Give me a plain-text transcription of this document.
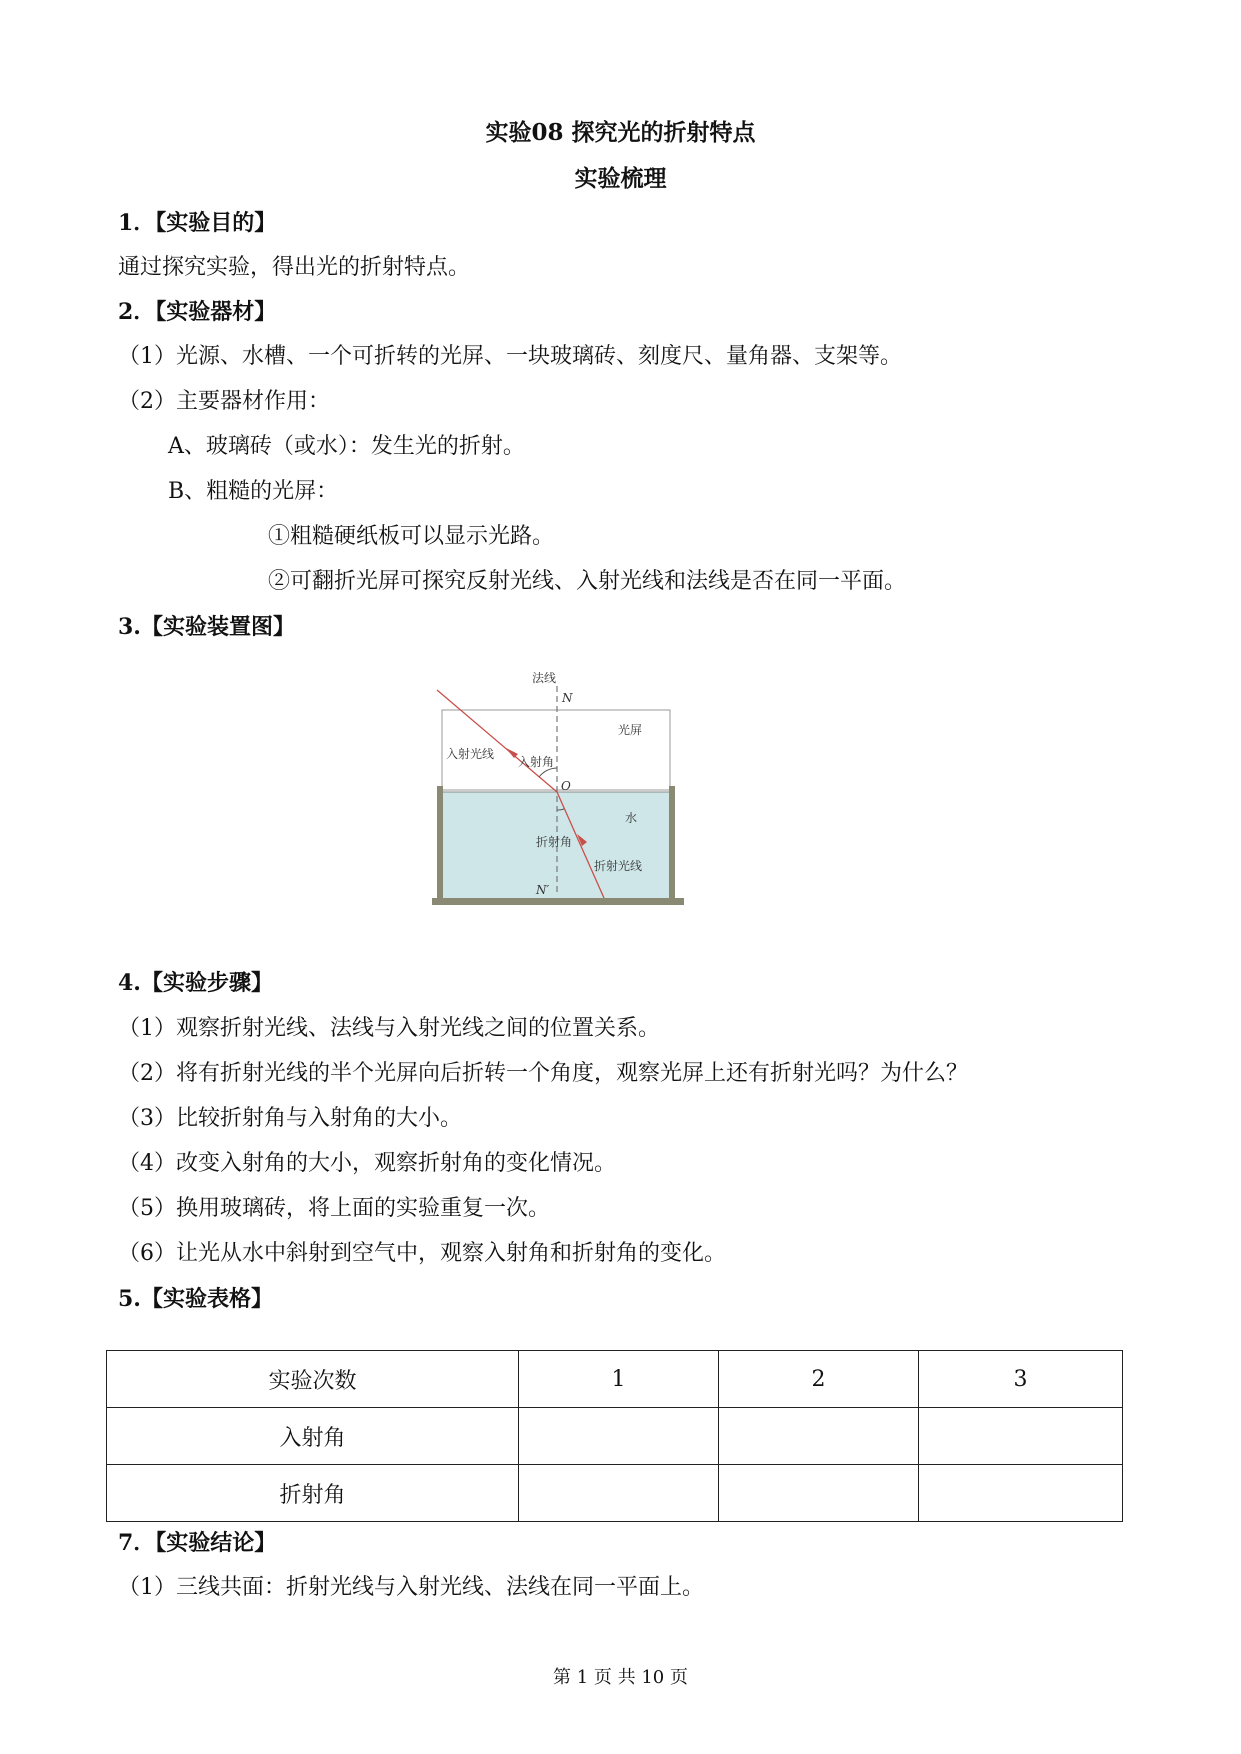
实验08 探究光的折射特点
实验梳理
1．【实验目的】
通过探究实验，得出光的折射特点。
2．【实验器材】
（1）光源、水槽、一个可折转的光屏、一块玻璃砖、刻度尺、量角器、支架等。
（2）主要器材作用：
A、玻璃砖（或水）：发生光的折射。
B、粗糙的光屏：
①粗糙硬纸板可以显示光路。
②可翻折光屏可探究反射光线、入射光线和法线是否在同一平面。
3.【实验装置图】
法线
N
光屏
入射光线
入射角
O
水
折射角
折射光线
N′
4.【实验步骤】
（1）观察折射光线、法线与入射光线之间的位置关系。
（2）将有折射光线的半个光屏向后折转一个角度，观察光屏上还有折射光吗？为什么？
（3）比较折射角与入射角的大小。
（4）改变入射角的大小，观察折射角的变化情况。
（5）换用玻璃砖，将上面的实验重复一次。
（6）让光从水中斜射到空气中，观察入射角和折射角的变化。
5.【实验表格】
实验次数	1	2	3
入射角			
折射角			
7．【实验结论】
（1）三线共面：折射光线与入射光线、法线在同一平面上。
第 1 页 共 10 页
